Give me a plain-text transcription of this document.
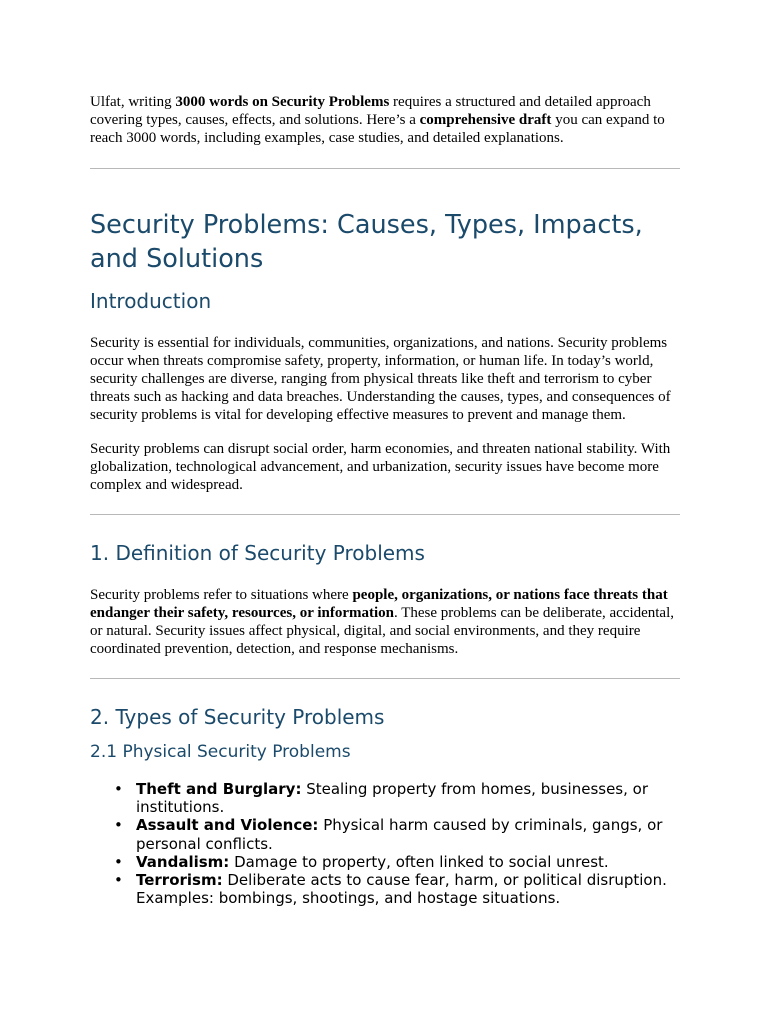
Ulfat, writing 3000 words on Security Problems requires a structured and detailed approach covering types, causes, effects, and solutions. Here’s a comprehensive draft you can expand to reach 3000 words, including examples, case studies, and detailed explanations.

Security Problems: Causes, Types, Impacts, and Solutions
Introduction

Security is essential for individuals, communities, organizations, and nations. Security problems occur when threats compromise safety, property, information, or human life. In today’s world, security challenges are diverse, ranging from physical threats like theft and terrorism to cyber threats such as hacking and data breaches. Understanding the causes, types, and consequences of security problems is vital for developing effective measures to prevent and manage them.

Security problems can disrupt social order, harm economies, and threaten national stability. With globalization, technological advancement, and urbanization, security issues have become more complex and widespread.

1. Definition of Security Problems

Security problems refer to situations where people, organizations, or nations face threats that endanger their safety, resources, or information. These problems can be deliberate, accidental, or natural. Security issues affect physical, digital, and social environments, and they require coordinated prevention, detection, and response mechanisms.

2. Types of Security Problems
2.1 Physical Security Problems
• Theft and Burglary: Stealing property from homes, businesses, or institutions.
• Assault and Violence: Physical harm caused by criminals, gangs, or personal conflicts.
• Vandalism: Damage to property, often linked to social unrest.
• Terrorism: Deliberate acts to cause fear, harm, or political disruption. Examples: bombings, shootings, and hostage situations.
